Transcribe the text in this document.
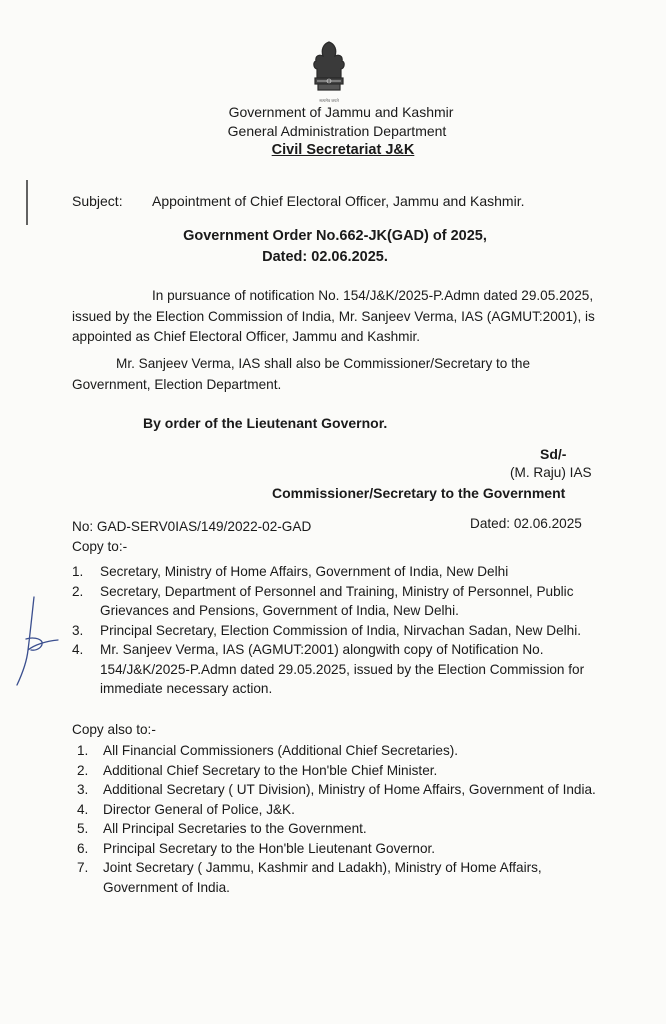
सत्यमेव जयते
Government of Jammu and Kashmir
General Administration Department
Civil Secretariat J&K
Subject: Appointment of Chief Electoral Officer, Jammu and Kashmir.
Government Order No.662-JK(GAD) of 2025,
Dated: 02.06.2025.
In pursuance of notification No. 154/J&K/2025-P.Admn dated 29.05.2025, issued by the Election Commission of India, Mr. Sanjeev Verma, IAS (AGMUT:2001), is appointed as Chief Electoral Officer, Jammu and Kashmir.
Mr. Sanjeev Verma, IAS shall also be Commissioner/Secretary to the Government, Election Department.
By order of the Lieutenant Governor.
Sd/-
(M. Raju) IAS
Commissioner/Secretary to the Government
No: GAD-SERV0IAS/149/2022-02-GAD	Dated: 02.06.2025
Copy to:-
1. Secretary, Ministry of Home Affairs, Government of India, New Delhi
2. Secretary, Department of Personnel and Training, Ministry of Personnel, Public Grievances and Pensions, Government of India, New Delhi.
3. Principal Secretary, Election Commission of India, Nirvachan Sadan, New Delhi.
4. Mr. Sanjeev Verma, IAS (AGMUT:2001) alongwith copy of Notification No. 154/J&K/2025-P.Admn dated 29.05.2025, issued by the Election Commission for immediate necessary action.
Copy also to:-
1. All Financial Commissioners (Additional Chief Secretaries).
2. Additional Chief Secretary to the Hon'ble Chief Minister.
3. Additional Secretary ( UT Division), Ministry of Home Affairs, Government of India.
4. Director General of Police, J&K.
5. All Principal Secretaries to the Government.
6. Principal Secretary to the Hon'ble Lieutenant Governor.
7. Joint Secretary ( Jammu, Kashmir and Ladakh), Ministry of Home Affairs, Government of India.
